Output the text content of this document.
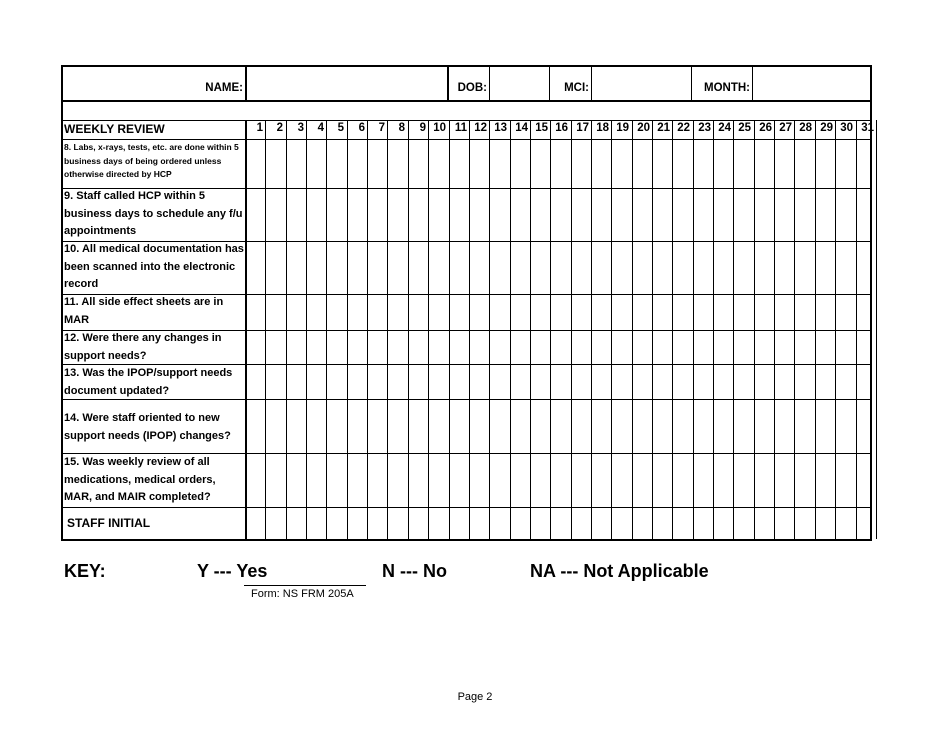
NAME:	DOB:	MCI:	MONTH:
WEEKLY REVIEW	1	2	3	4	5	6	7	8	9 10 11 12 13 14 15 16 17 18 19 20 21 22 23 24 25 26 27 28 29 30 31
8. Labs, x-rays, tests, etc. are done within 5 business days of being ordered unless otherwise directed by HCP
9. Staff called HCP within 5 business days to schedule any f/u appointments
10. All medical documentation has been scanned into the electronic record
11. All side effect sheets are in MAR
12. Were there any changes in support needs?
13. Was the IPOP/support needs document updated?
14. Were staff oriented to new support needs (IPOP) changes?
15. Was weekly review of all medications, medical orders, MAR, and MAIR completed?
STAFF INITIAL
KEY:	Y --- Yes	N --- No	NA --- Not Applicable
Form: NS FRM 205A
Page 2
